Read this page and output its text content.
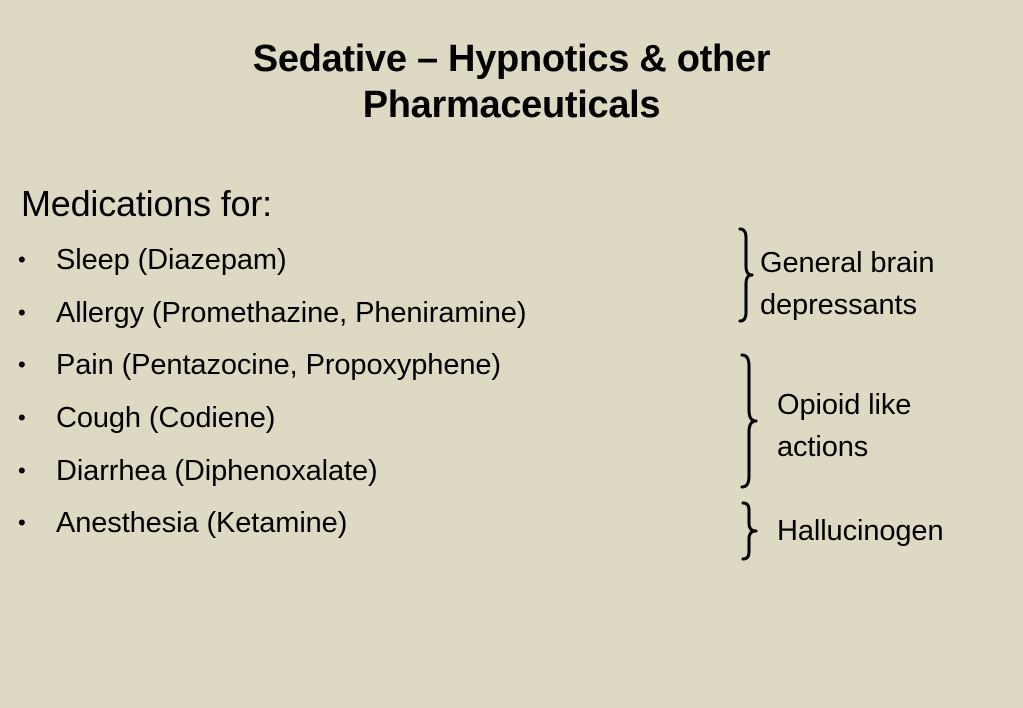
Sedative – Hypnotics & other
Pharmaceuticals
Medications for:
•	Sleep (Diazepam)
•	Allergy (Promethazine, Pheniramine)
•	Pain (Pentazocine, Propoxyphene)
•	Cough (Codiene)
•	Diarrhea (Diphenoxalate)
•	Anesthesia (Ketamine)
General brain
depressants
Opioid like
actions
Hallucinogen
